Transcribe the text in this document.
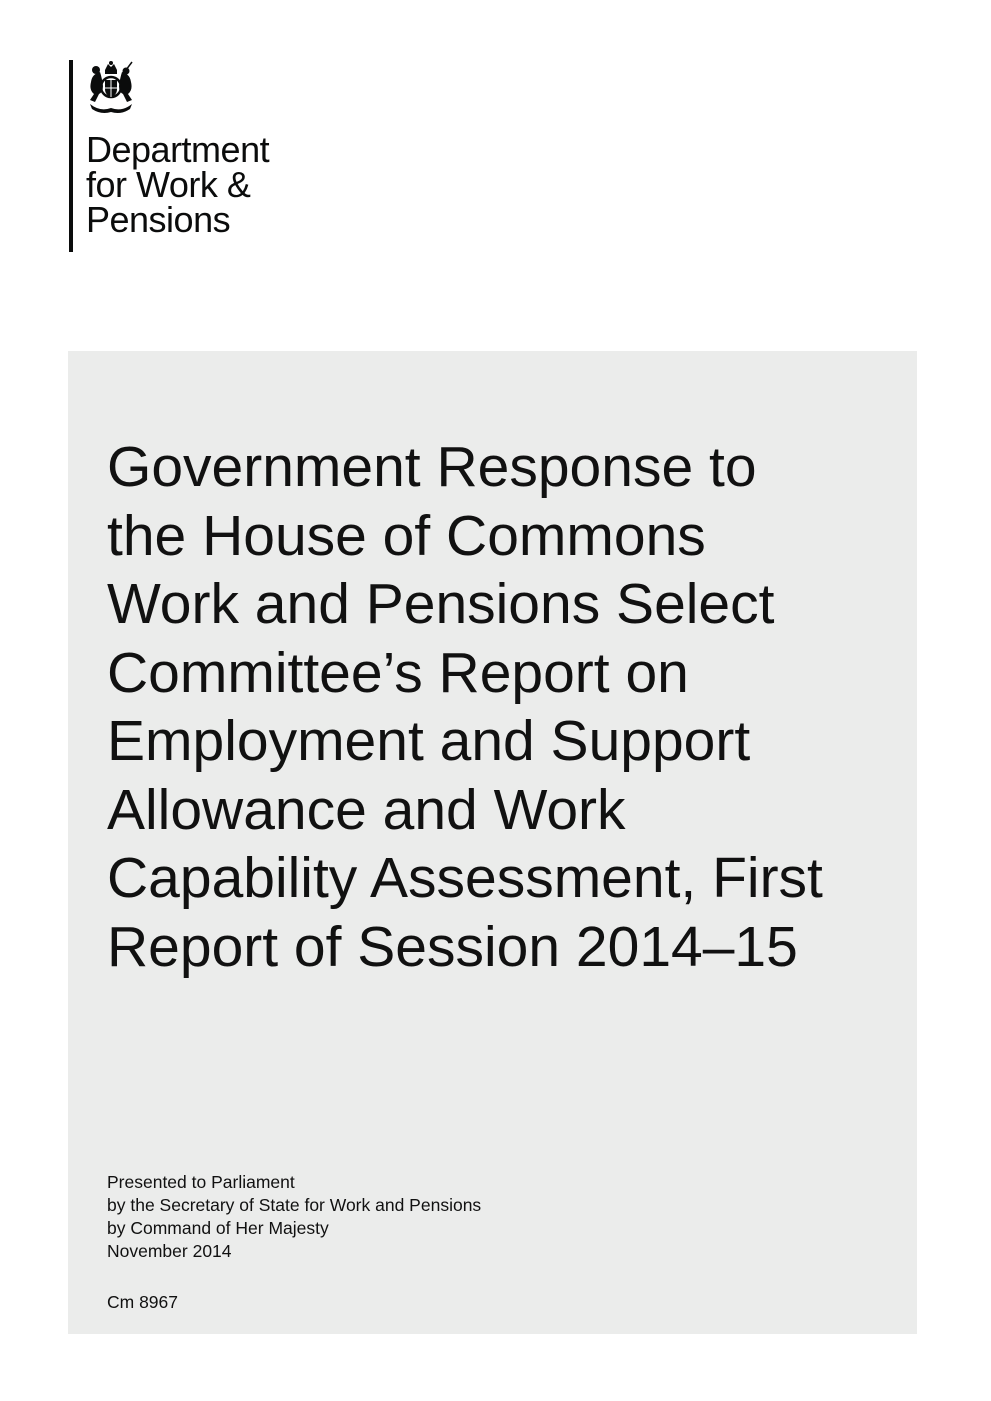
Department
for Work &
Pensions
Government Response to
the House of Commons
Work and Pensions Select
Committee’s Report on
Employment and Support
Allowance and Work
Capability Assessment, First
Report of Session 2014–15
Presented to Parliament
by the Secretary of State for Work and Pensions
by Command of Her Majesty
November 2014
Cm 8967
